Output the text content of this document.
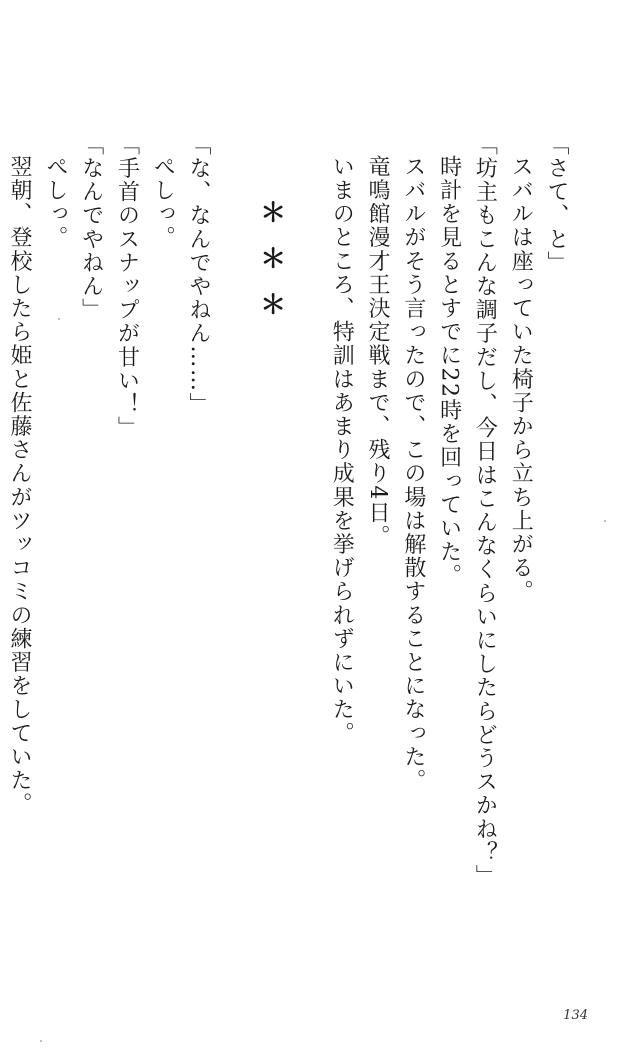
「さて、と」
スバルは座っていた椅子から立ち上がる。
「坊主もこんな調子だし、今日はこんなくらいにしたらどうスかね？」
時計を見るとすでに22時を回っていた。
スバルがそう言ったので、この場は解散することになった。
竜鳴館漫才王決定戦まで、残り4日。
いまのところ、特訓はあまり成果を挙げられずにいた。
＊＊＊
「な、なんでやねん……」
ぺしっ。
「手首のスナップが甘い！」
「なんでやねん」
ぺしっ。
翌朝、登校したら姫と佐藤さんがツッコミの練習をしていた。
134
